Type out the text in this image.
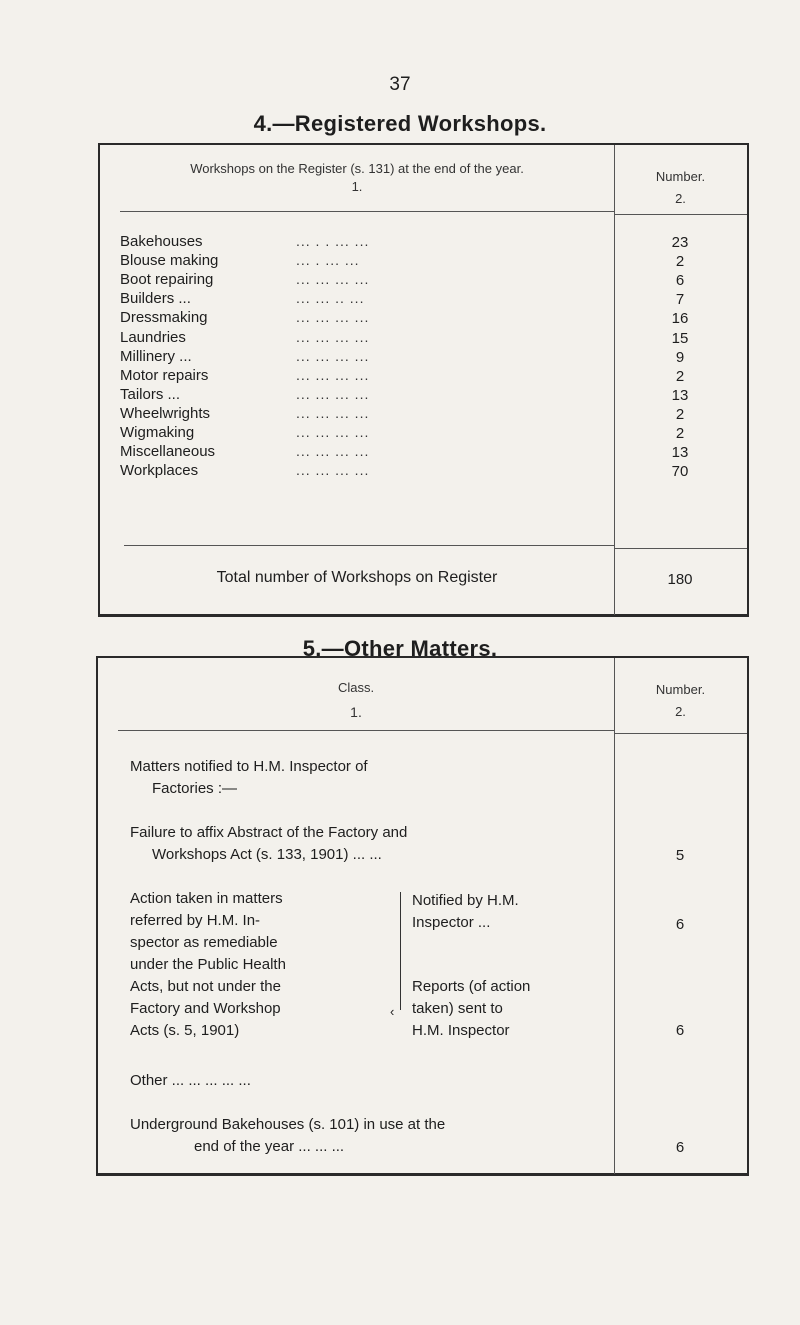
37
4.—Registered Workshops.
Workshops on the Register (s. 131) at the end of the year.
1.
Number.
2.
Bakehouses	... . . ... ...	23
Blouse making	... . ... ...	2
Boot repairing	... ... ... ...	6
Builders ...	... ... .. ...	7
Dressmaking	... ... ... ...	16
Laundries	... ... ... ...	15
Millinery ...	... ... ... ...	9
Motor repairs	... ... ... ...	2
Tailors ...	... ... ... ...	13
Wheelwrights	... ... ... ...	2
Wigmaking	... ... ... ...	2
Miscellaneous	... ... ... ...	13
Workplaces	... ... ... ...	70
Total number of Workshops on Register	180
5.—Other Matters.
Class.
1.
Number.
2.
Matters notified to H.M. Inspector of
Factories :—
Failure to affix Abstract of the Factory and
Workshops Act (s. 133, 1901) ... ...	5
Action taken in matters
referred by H.M. In-
spector as remediable
under the Public Health
Acts, but not under the
Factory and Workshop
Acts (s. 5, 1901)
‹
Notified by H.M.
Inspector ...	6
Reports (of action
taken) sent to
H.M. Inspector	6
Other ... ... ... ... ...
Underground Bakehouses (s. 101) in use at the
end of the year ... ... ...	6
